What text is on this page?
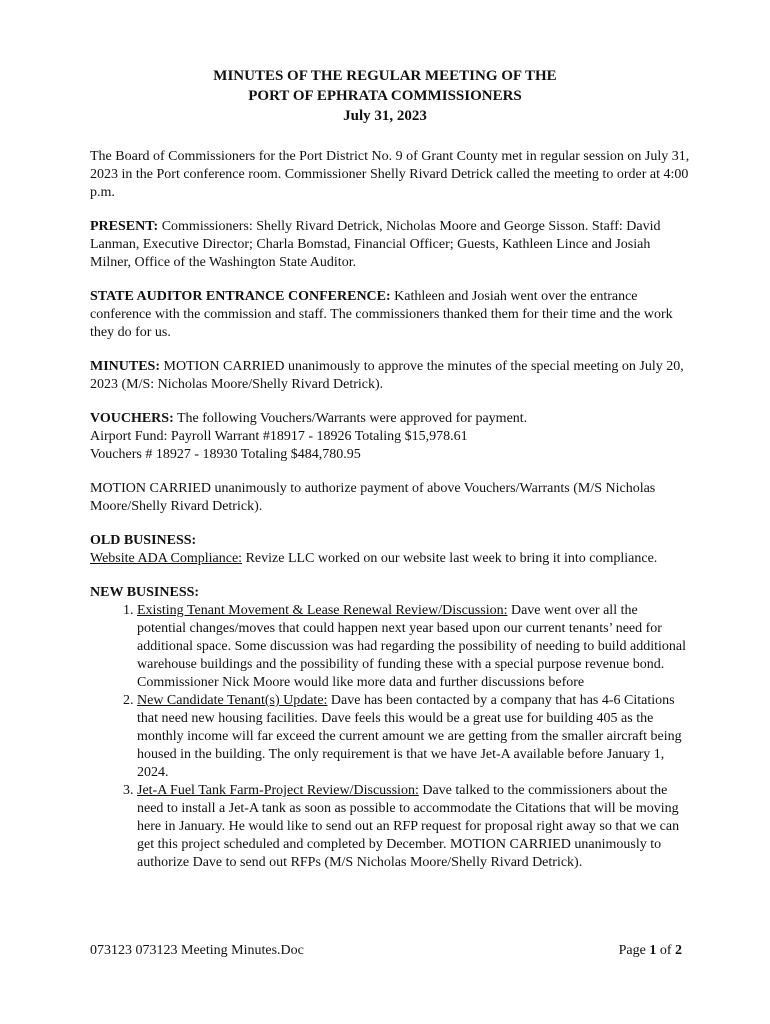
MINUTES OF THE REGULAR MEETING OF THE
PORT OF EPHRATA COMMISSIONERS
July 31, 2023

The Board of Commissioners for the Port District No. 9 of Grant County met in regular session on July 31, 2023 in the Port conference room. Commissioner Shelly Rivard Detrick called the meeting to order at 4:00 p.m.

PRESENT: Commissioners: Shelly Rivard Detrick, Nicholas Moore and George Sisson. Staff: David Lanman, Executive Director; Charla Bomstad, Financial Officer; Guests, Kathleen Lince and Josiah Milner, Office of the Washington State Auditor.

STATE AUDITOR ENTRANCE CONFERENCE: Kathleen and Josiah went over the entrance conference with the commission and staff. The commissioners thanked them for their time and the work they do for us.

MINUTES: MOTION CARRIED unanimously to approve the minutes of the special meeting on July 20, 2023 (M/S: Nicholas Moore/Shelly Rivard Detrick).

VOUCHERS: The following Vouchers/Warrants were approved for payment.
Airport Fund: Payroll Warrant #18917 - 18926 Totaling $15,978.61
Vouchers # 18927 - 18930 Totaling $484,780.95

MOTION CARRIED unanimously to authorize payment of above Vouchers/Warrants (M/S Nicholas Moore/Shelly Rivard Detrick).

OLD BUSINESS:
Website ADA Compliance: Revize LLC worked on our website last week to bring it into compliance.

NEW BUSINESS:
1. Existing Tenant Movement & Lease Renewal Review/Discussion: Dave went over all the potential changes/moves that could happen next year based upon our current tenants’ need for additional space. Some discussion was had regarding the possibility of needing to build additional warehouse buildings and the possibility of funding these with a special purpose revenue bond. Commissioner Nick Moore would like more data and further discussions before
2. New Candidate Tenant(s) Update: Dave has been contacted by a company that has 4-6 Citations that need new housing facilities. Dave feels this would be a great use for building 405 as the monthly income will far exceed the current amount we are getting from the smaller aircraft being housed in the building. The only requirement is that we have Jet-A available before January 1, 2024.
3. Jet-A Fuel Tank Farm-Project Review/Discussion: Dave talked to the commissioners about the need to install a Jet-A tank as soon as possible to accommodate the Citations that will be moving here in January. He would like to send out an RFP request for proposal right away so that we can get this project scheduled and completed by December. MOTION CARRIED unanimously to authorize Dave to send out RFPs (M/S Nicholas Moore/Shelly Rivard Detrick).
073123 073123 Meeting Minutes.Doc	Page 1 of 2
